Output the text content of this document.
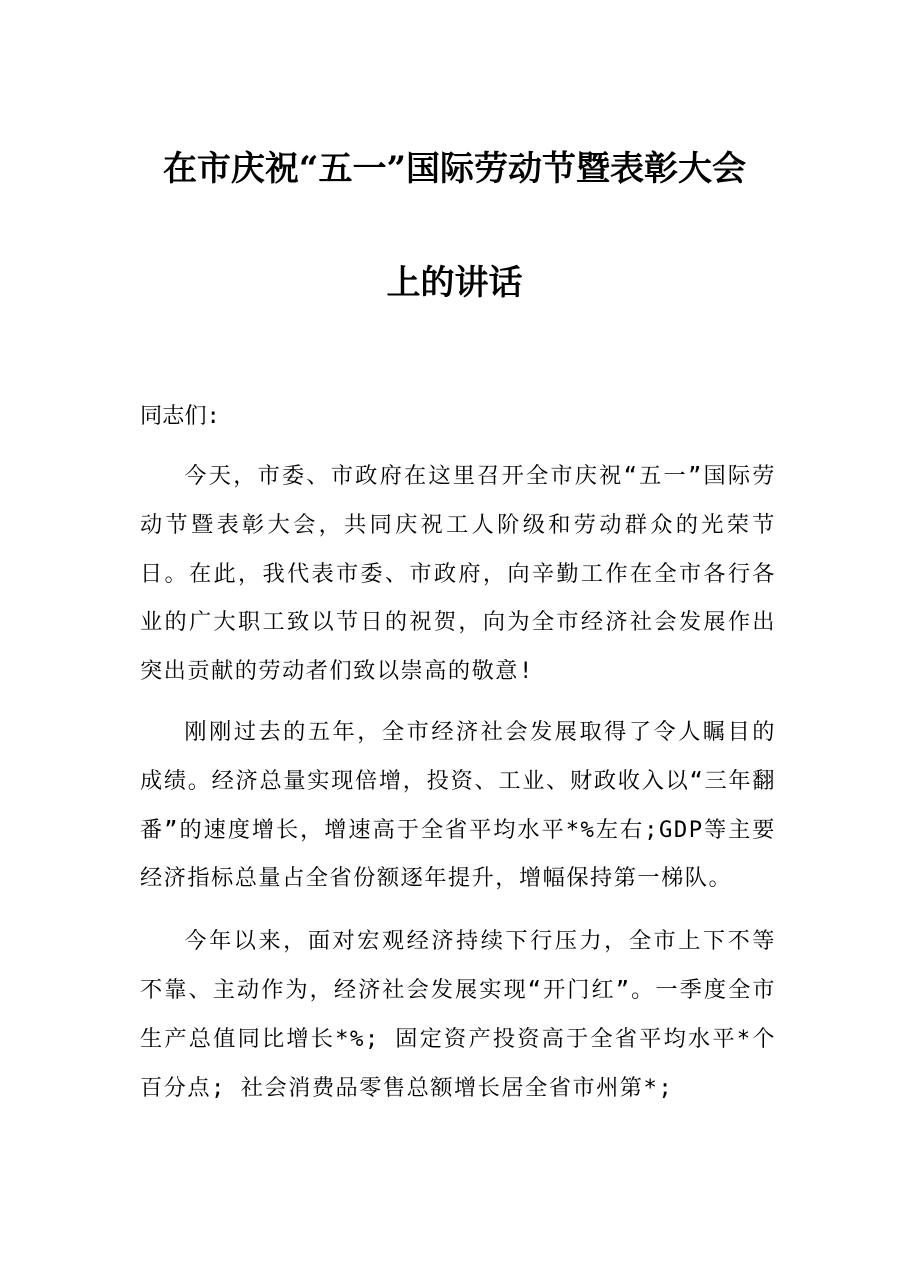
在市庆祝“五一”国际劳动节暨表彰大会
上的讲话

同志们:

今天，市委、市政府在这里召开全市庆祝“五一”国际劳动节暨表彰大会，共同庆祝工人阶级和劳动群众的光荣节日。在此，我代表市委、市政府，向辛勤工作在全市各行各业的广大职工致以节日的祝贺，向为全市经济社会发展作出突出贡献的劳动者们致以崇高的敬意!

刚刚过去的五年，全市经济社会发展取得了令人瞩目的成绩。经济总量实现倍增，投资、工业、财政收入以“三年翻番”的速度增长，增速高于全省平均水平*%左右;GDP等主要经济指标总量占全省份额逐年提升，增幅保持第一梯队。

今年以来，面对宏观经济持续下行压力，全市上下不等不靠、主动作为，经济社会发展实现“开门红”。一季度全市生产总值同比增长*%; 固定资产投资高于全省平均水平*个百分点; 社会消费品零售总额增长居全省市州第*;
